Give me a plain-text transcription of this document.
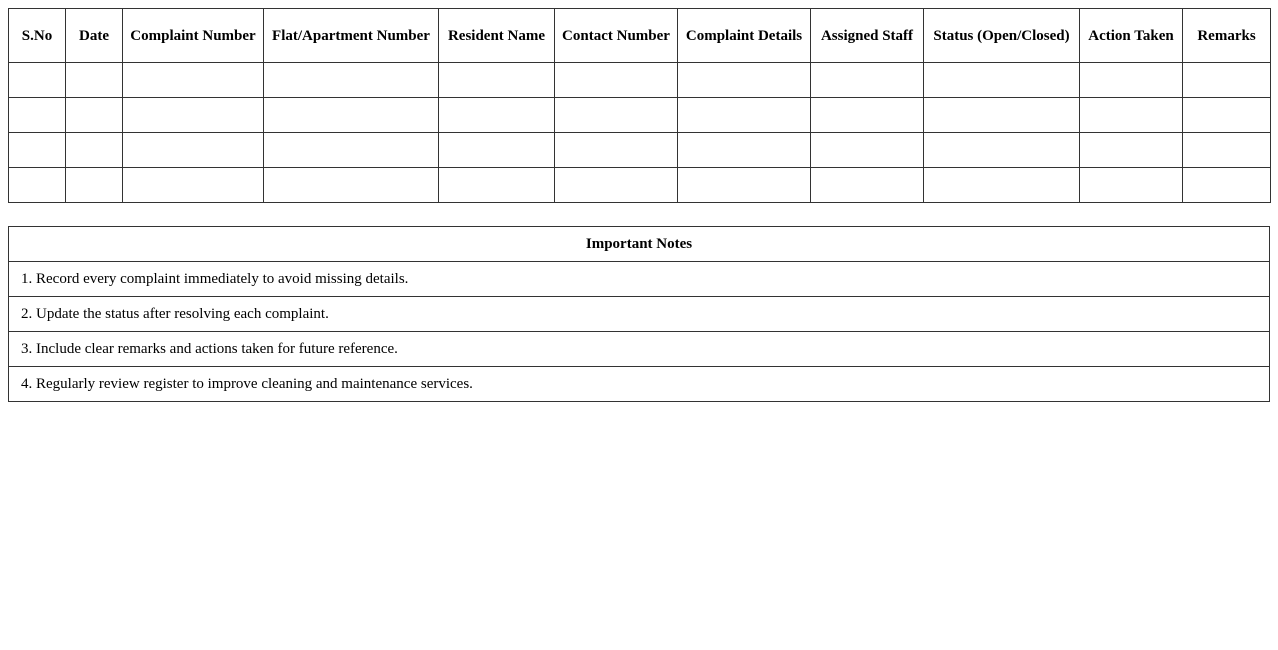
S.No	Date	Complaint Number	Flat/Apartment Number	Resident Name	Contact Number	Complaint Details	Assigned Staff	Status (Open/Closed)	Action Taken	Remarks

Important Notes
1. Record every complaint immediately to avoid missing details.
2. Update the status after resolving each complaint.
3. Include clear remarks and actions taken for future reference.
4. Regularly review register to improve cleaning and maintenance services.
